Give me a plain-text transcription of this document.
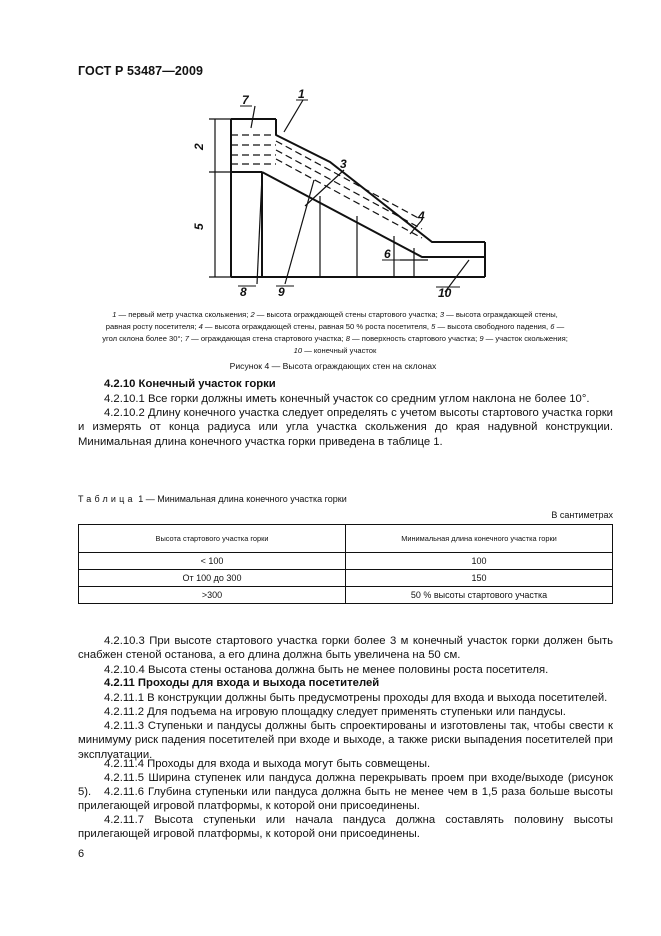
ГОСТ Р 53487—2009
7	1
2
3
4
5
6
8	9	10
1 — первый метр участка скольжения; 2 — высота ограждающей стены стартового участка; 3 — высота ограждающей стены, равная росту посетителя; 4 — высота ограждающей стены, равная 50 % роста посетителя, 5 — высота свободного падения, 6 — угол склона более 30°; 7 — ограждающая стена стартового участка; 8 — поверхность стартового участка; 9 — участок скольжения; 10 — конечный участок
Рисунок 4 — Высота ограждающих стен на склонах
4.2.10 Конечный участок горки
4.2.10.1 Все горки должны иметь конечный участок со средним углом наклона не более 10°.
4.2.10.2 Длину конечного участка следует определять с учетом высоты стартового участка горки и измерять от конца радиуса или угла участка скольжения до края надувной конструкции. Минимальная длина конечного участка горки приведена в таблице 1.
Таблица 1 — Минимальная длина конечного участка горки
В сантиметрах
Высота стартового участка горки	Минимальная длина конечного участка горки
< 100	100
От 100 до 300	150
>300	50 % высоты стартового участка
4.2.10.3 При высоте стартового участка горки более 3 м конечный участок горки должен быть снабжен стеной останова, а его длина должна быть увеличена на 50 см.
4.2.10.4 Высота стены останова должна быть не менее половины роста посетителя.
4.2.11 Проходы для входа и выхода посетителей
4.2.11.1 В конструкции должны быть предусмотрены проходы для входа и выхода посетителей.
4.2.11.2 Для подъема на игровую площадку следует применять ступеньки или пандусы.
4.2.11.3 Ступеньки и пандусы должны быть спроектированы и изготовлены так, чтобы свести к минимуму риск падения посетителей при входе и выходе, а также риски выпадения посетителей при эксплуатации.
4.2.11.4 Проходы для входа и выхода могут быть совмещены.
4.2.11.5 Ширина ступенек или пандуса должна перекрывать проем при входе/выходе (рисунок 5).	4.2.11.6 Глубина ступеньки или пандуса должна быть не менее чем в 1,5 раза больше высоты прилегающей игровой платформы, к которой они присоединены.
4.2.11.7 Высота ступеньки или начала пандуса должна составлять половину высоты прилегающей игровой платформы, к которой они присоединены.
6
